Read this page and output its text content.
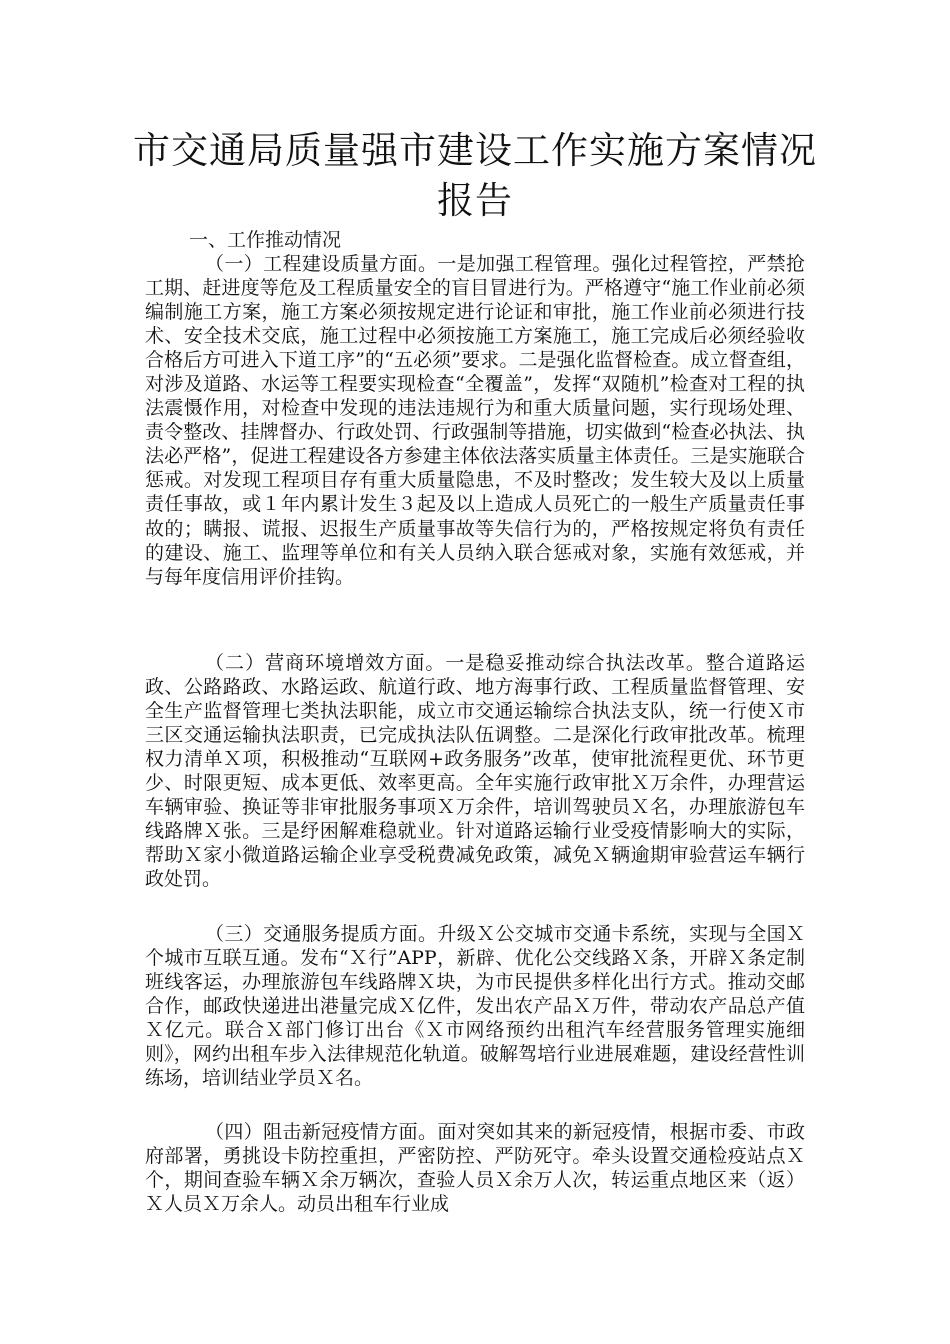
市交通局质量强市建设工作实施方案情况
报告
一、工作推动情况

（一）工程建设质量方面。一是加强工程管理。强化过程管控，严禁抢工期、赶进度等危及工程质量安全的盲目冒进行为。严格遵守“施工作业前必须编制施工方案，施工方案必须按规定进行论证和审批，施工作业前必须进行技术、安全技术交底，施工过程中必须按施工方案施工，施工完成后必须经验收合格后方可进入下道工序”的“五必须”要求。二是强化监督检查。成立督查组，对涉及道路、水运等工程要实现检查“全覆盖”，发挥“双随机”检查对工程的执法震慑作用，对检查中发现的违法违规行为和重大质量问题，实行现场处理、责令整改、挂牌督办、行政处罚、行政强制等措施，切实做到“检查必执法、执法必严格”，促进工程建设各方参建主体依法落实质量主体责任。三是实施联合惩戒。对发现工程项目存有重大质量隐患，不及时整改；发生较大及以上质量责任事故，或１年内累计发生３起及以上造成人员死亡的一般生产质量责任事故的；瞒报、谎报、迟报生产质量事故等失信行为的，严格按规定将负有责任的建设、施工、监理等单位和有关人员纳入联合惩戒对象，实施有效惩戒，并与每年度信用评价挂钩。

（二）营商环境增效方面。一是稳妥推动综合执法改革。整合道路运政、公路路政、水路运政、航道行政、地方海事行政、工程质量监督管理、安全生产监督管理七类执法职能，成立市交通运输综合执法支队，统一行使Ｘ市三区交通运输执法职责，已完成执法队伍调整。二是深化行政审批改革。梳理权力清单Ｘ项，积极推动“互联网+政务服务”改革，使审批流程更优、环节更少、时限更短、成本更低、效率更高。全年实施行政审批Ｘ万余件，办理营运车辆审验、换证等非审批服务事项Ｘ万余件，培训驾驶员Ｘ名，办理旅游包车线路牌Ｘ张。三是纾困解难稳就业。针对道路运输行业受疫情影响大的实际，帮助Ｘ家小微道路运输企业享受税费减免政策，减免Ｘ辆逾期审验营运车辆行政处罚。

（三）交通服务提质方面。升级Ｘ公交城市交通卡系统，实现与全国Ｘ个城市互联互通。发布“Ｘ行”APP，新辟、优化公交线路Ｘ条，开辟Ｘ条定制班线客运，办理旅游包车线路牌Ｘ块，为市民提供多样化出行方式。推动交邮合作，邮政快递进出港量完成Ｘ亿件，发出农产品Ｘ万件，带动农产品总产值Ｘ亿元。联合Ｘ部门修订出台《Ｘ市网络预约出租汽车经营服务管理实施细则》，网约出租车步入法律规范化轨道。破解驾培行业进展难题，建设经营性训练场，培训结业学员Ｘ名。

（四）阻击新冠疫情方面。面对突如其来的新冠疫情，根据市委、市政府部署，勇挑设卡防控重担，严密防控、严防死守。牵头设置交通检疫站点Ｘ个，期间查验车辆Ｘ余万辆次，查验人员Ｘ余万人次，转运重点地区来（返）Ｘ人员Ｘ万余人。动员出租车行业成
